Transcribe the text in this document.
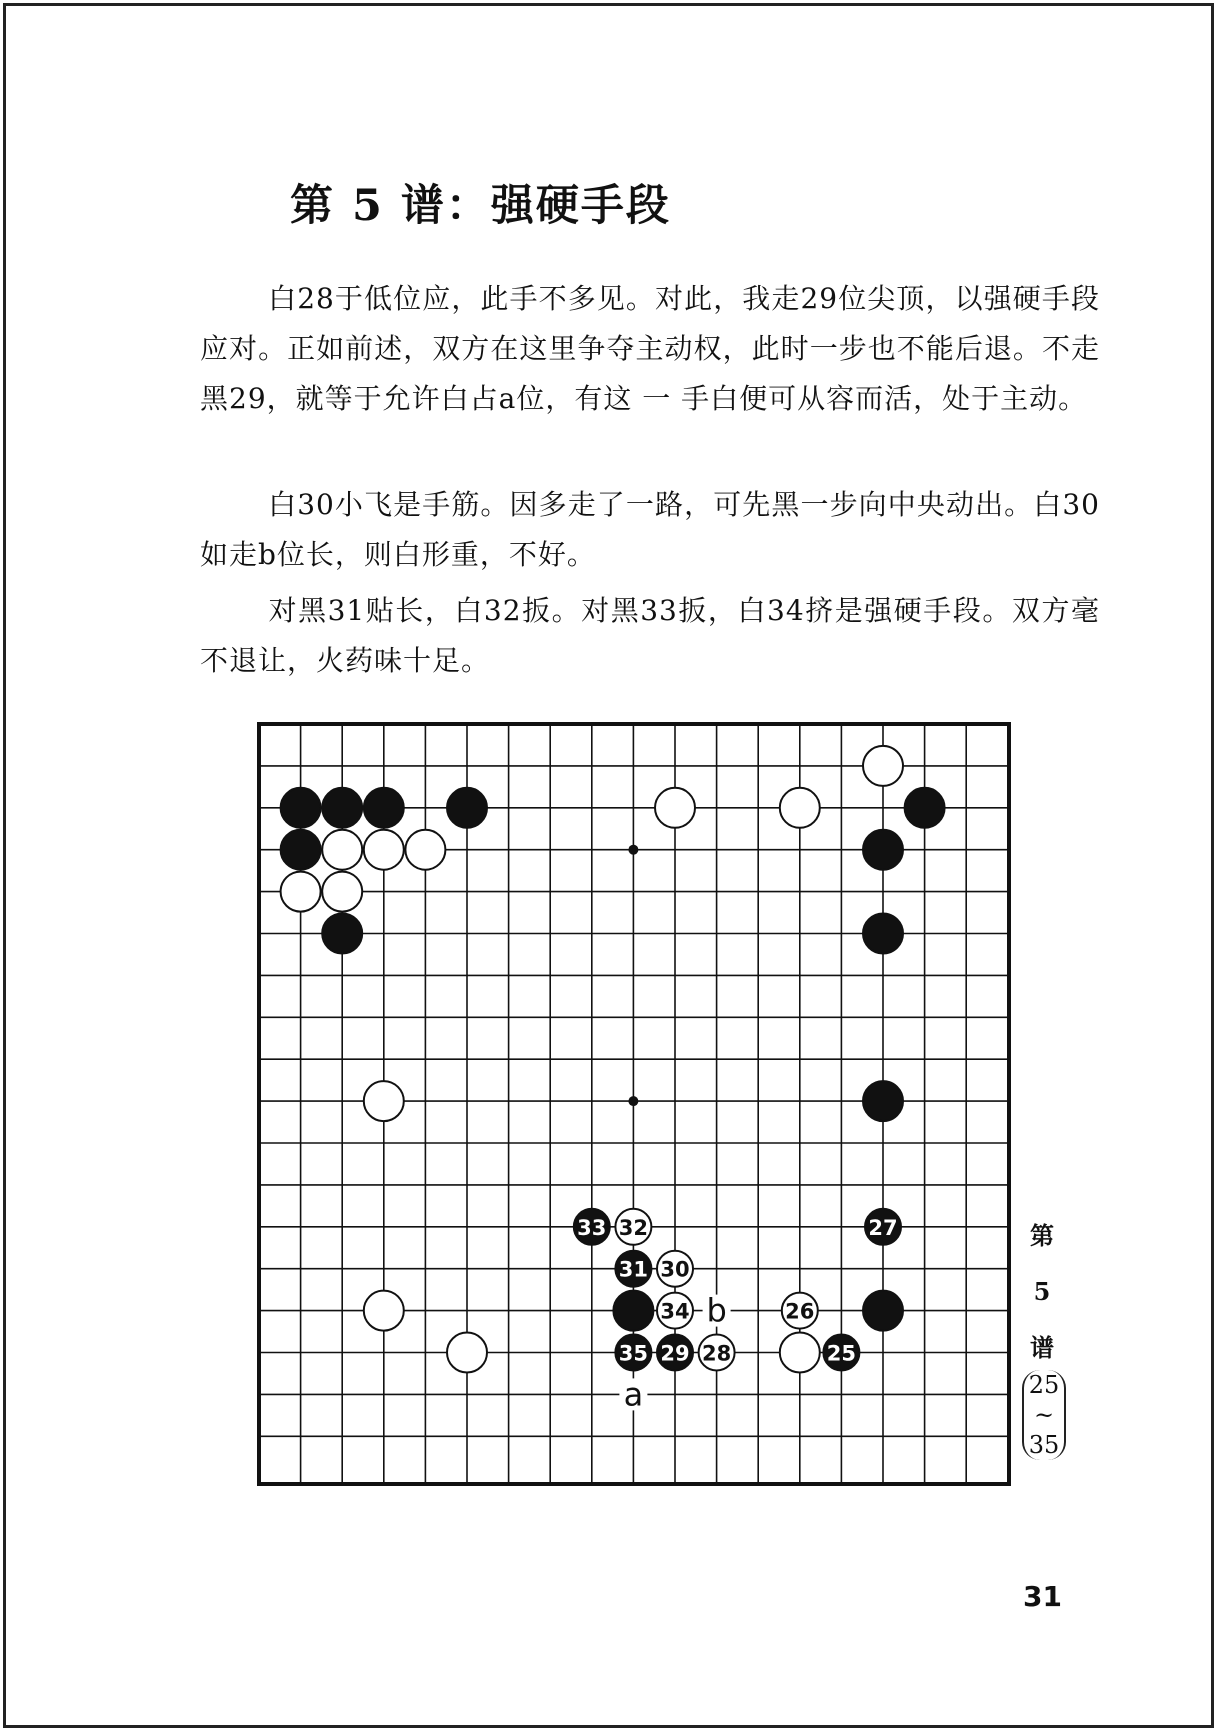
第 5 谱：强硬手段

白28于低位应，此手不多见。对此，我走29位尖顶，以强硬手段应对。正如前述，双方在这里争夺主动权，此时一步也不能后退。不走黑29，就等于允许白占a位，有这 一 手白便可从容而活，处于主动。

白30小飞是手筋。因多走了一路，可先黑一步向中央动出。白30如走b位长，则白形重，不好。

对黑31贴长，白32扳。对黑33扳，白34挤是强硬手段。双方毫不退让，火药味十足。

a
b
25
26
27
28
29
30
31
32
33
34
35
第
5
谱
25
~
35
31
